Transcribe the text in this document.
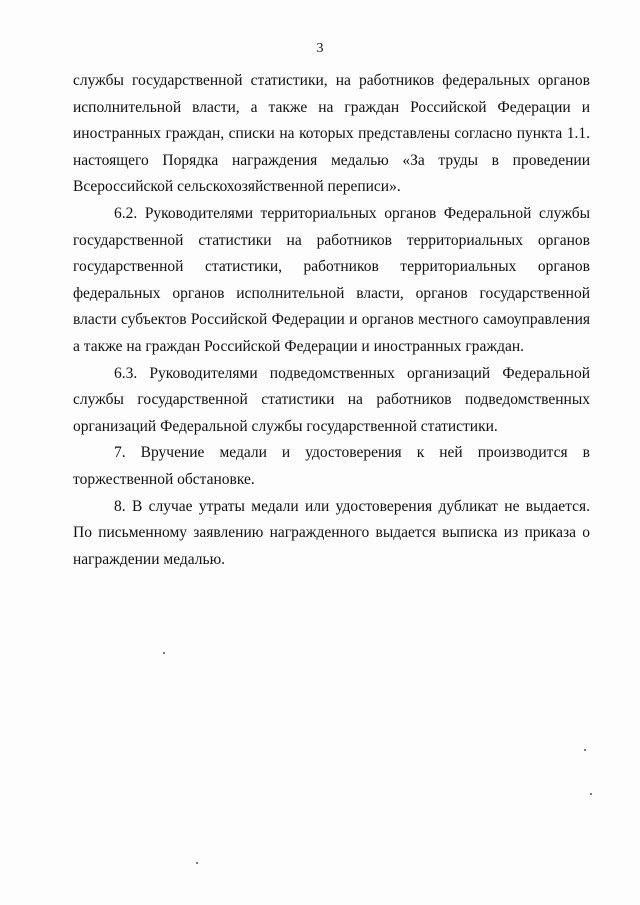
3

службы государственной статистики, на работников федеральных органов исполнительной власти, а также на граждан Российской Федерации и иностранных граждан, списки на которых представлены согласно пункта 1.1. настоящего Порядка награждения медалью «За труды в проведении Всероссийской сельскохозяйственной переписи».

6.2. Руководителями территориальных органов Федеральной службы государственной статистики на работников территориальных органов государственной статистики, работников территориальных органов федеральных органов исполнительной власти, органов государственной власти субъектов Российской Федерации и органов местного самоуправления а также на граждан Российской Федерации и иностранных граждан.

6.3. Руководителями подведомственных организаций Федеральной службы государственной статистики на работников подведомственных организаций Федеральной службы государственной статистики.

7. Вручение медали и удостоверения к ней производится в торжественной обстановке.

8. В случае утраты медали или удостоверения дубликат не выдается. По письменному заявлению награжденного выдается выписка из приказа о награждении медалью.
